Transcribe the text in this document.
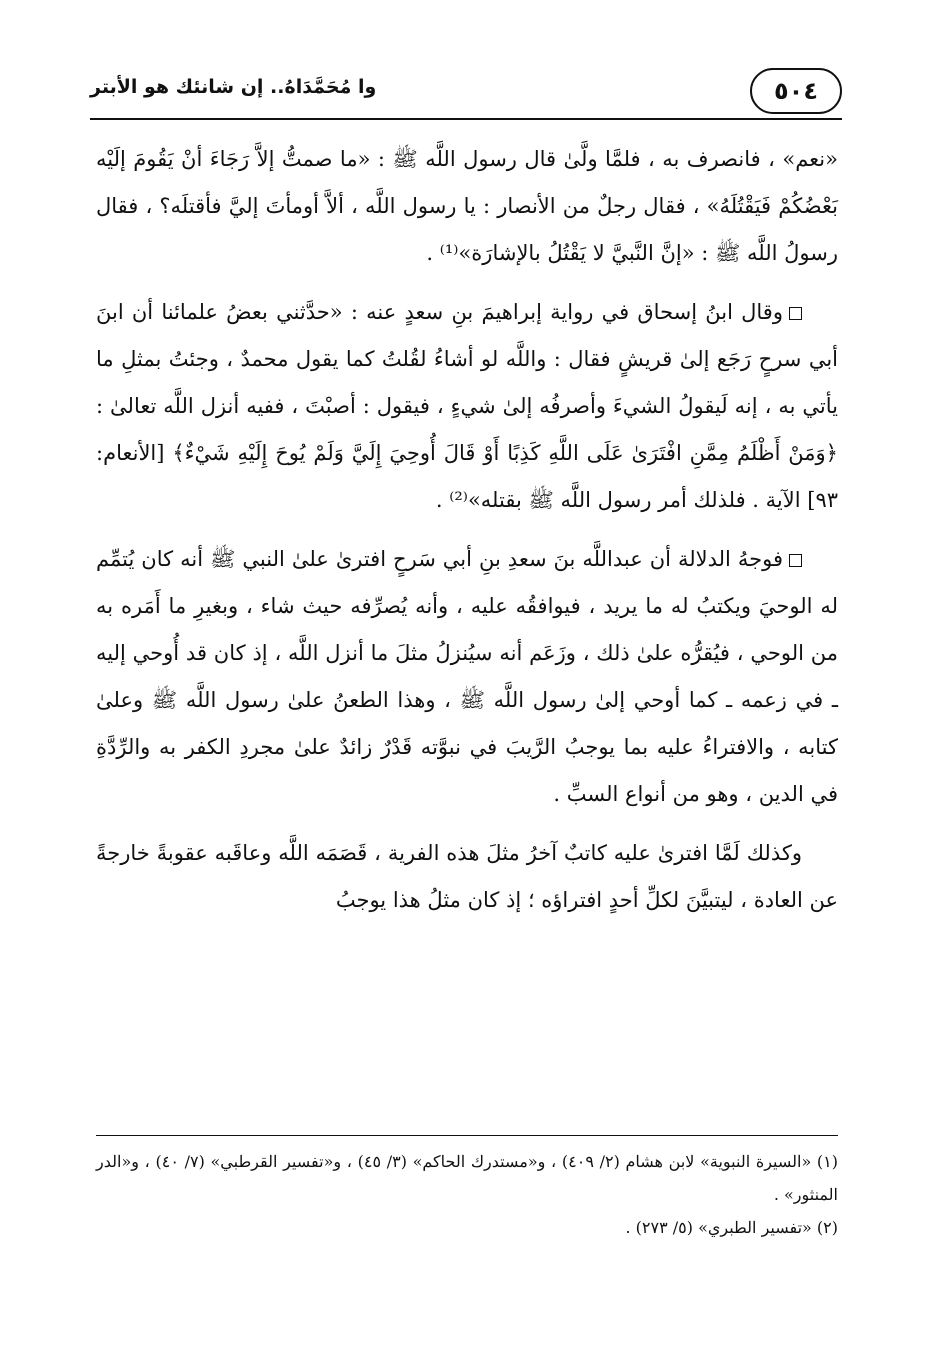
٥٠٤
وا مُحَمَّدَاهُ.. إن شانئك هو الأبتر

«نعم» ، فانصرف به ، فلمَّا ولَّىٰ قال رسول اللَّه ﷺ : «ما صمتُّ إلاَّ رَجَاءَ أنْ يَقُومَ إلَيْه بَعْضُكُمْ فَيَقْتُلَهُ» ، فقال رجلٌ من الأنصار : يا رسول اللَّه ، ألاَّ أومأتَ إليَّ فأقتلَه؟ ، فقال رسولُ اللَّه ﷺ : «إنَّ النَّبيَّ لا يَقْتُلُ بالإشارَة»⁽¹⁾ .

وقال ابنُ إسحاق في رواية إبراهيمَ بنِ سعدٍ عنه : «حدَّثني بعضُ علمائنا أن ابنَ أبي سرحٍ رَجَع إلىٰ قريشٍ فقال : واللَّه لو أشاءُ لقُلتُ كما يقول محمدٌ ، وجئتُ بمثلِ ما يأتي به ، إنه لَيقولُ الشيءَ وأصرفُه إلىٰ شيءٍ ، فيقول : أصبْتَ ، ففيه أنزل اللَّه تعالىٰ : ﴿وَمَنْ أَظْلَمُ مِمَّنِ افْتَرَىٰ عَلَى اللَّهِ كَذِبًا أَوْ قَالَ أُوحِيَ إِلَيَّ وَلَمْ يُوحَ إِلَيْهِ شَيْءٌ﴾ [الأنعام: ٩٣] الآية . فلذلك أمر رسول اللَّه ﷺ بقتله»⁽²⁾ .

فوجهُ الدلالة أن عبداللَّه بنَ سعدِ بنِ أبي سَرحٍ افترىٰ علىٰ النبي ﷺ أنه كان يُتمِّم له الوحيَ ويكتبُ له ما يريد ، فيوافقُه عليه ، وأنه يُصرِّفه حيث شاء ، وبغيرِ ما أَمَره به من الوحي ، فيُقرُّه علىٰ ذلك ، وزَعَم أنه سيُنزلُ مثلَ ما أنزل اللَّه ، إذ كان قد أُوحي إليه ـ في زعمه ـ كما أوحي إلىٰ رسول اللَّه ﷺ ، وهذا الطعنُ علىٰ رسول اللَّه ﷺ وعلىٰ كتابه ، والافتراءُ عليه بما يوجبُ الرَّيبَ في نبوَّته قَدْرٌ زائدٌ علىٰ مجردِ الكفر به والرِّدَّةِ في الدين ، وهو من أنواع السبِّ .

وكذلك لَمَّا افترىٰ عليه كاتبٌ آخرُ مثلَ هذه الفرية ، قَصَمَه اللَّه وعاقَبه عقوبةً خارجةً عن العادة ، ليتبيَّنَ لكلِّ أحدٍ افتراؤه ؛ إذ كان مثلُ هذا يوجبُ

(١) «السيرة النبوية» لابن هشام (٢/ ٤٠٩) ، و«مستدرك الحاكم» (٣/ ٤٥) ، و«تفسير القرطبي» (٧/ ٤٠) ، و«الدر المنثور» .

(٢) «تفسير الطبري» (٥/ ٢٧٣) .
